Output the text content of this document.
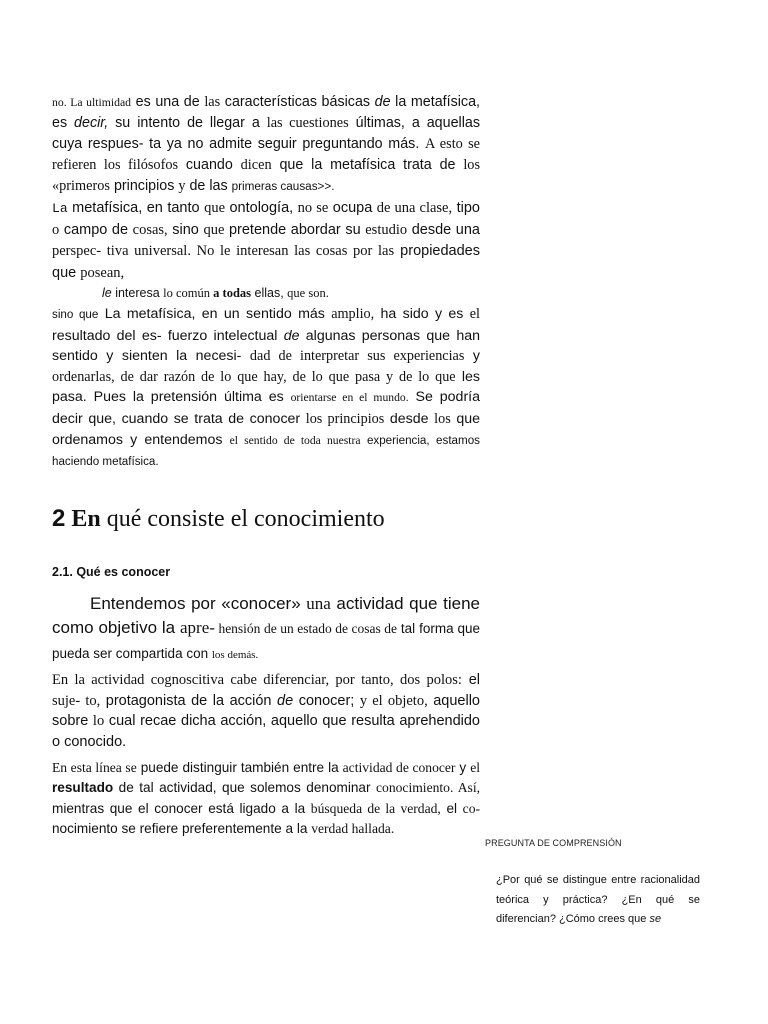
no. La ultimidad es una de las características básicas de la metafísica, es decir, su intento de llegar a las cuestiones últimas, a aquellas cuya respues- ta ya no admite seguir preguntando más. A esto se refieren los filósofos cuando dicen que la metafísica trata de los «primeros principios y de las primeras causas>>.

La metafísica, en tanto que ontología, no se ocupa de una clase, tipo o campo de cosas, sino que pretende abordar su estudio desde una perspec- tiva universal. No le interesan las cosas por las propiedades que posean,

le interesa lo común a todas ellas, que son.

sino que La metafísica, en un sentido más amplio, ha sido y es el resultado del es- fuerzo intelectual de algunas personas que han sentido y sienten la necesi- dad de interpretar sus experiencias y ordenarlas, de dar razón de lo que hay, de lo que pasa y de lo que les pasa. Pues la pretensión última es orientarse en el mundo. Se podría decir que, cuando se trata de conocer los principios desde los que ordenamos y entendemos el sentido de toda nuestra experiencia, estamos haciendo metafísica.

2 En qué consiste el conocimiento
2.1. Qué es conocer

Entendemos por «conocer» una actividad que tiene como objetivo la apre- hensión de un estado de cosas de tal forma que pueda ser compartida con los demás.

En la actividad cognoscitiva cabe diferenciar, por tanto, dos polos: el suje- to, protagonista de la acción de conocer; y el objeto, aquello sobre lo cual recae dicha acción, aquello que resulta aprehendido o conocido.

En esta línea se puede distinguir también entre la actividad de conocer y el resultado de tal actividad, que solemos denominar conocimiento. Así, mientras que el conocer está ligado a la búsqueda de la verdad, el co- nocimiento se refiere preferentemente a la verdad hallada.

PREGUNTA DE COMPRENSIÓN

¿Por qué se distingue entre racionalidad teórica y práctica? ¿En qué se diferencian? ¿Cómo crees que se
